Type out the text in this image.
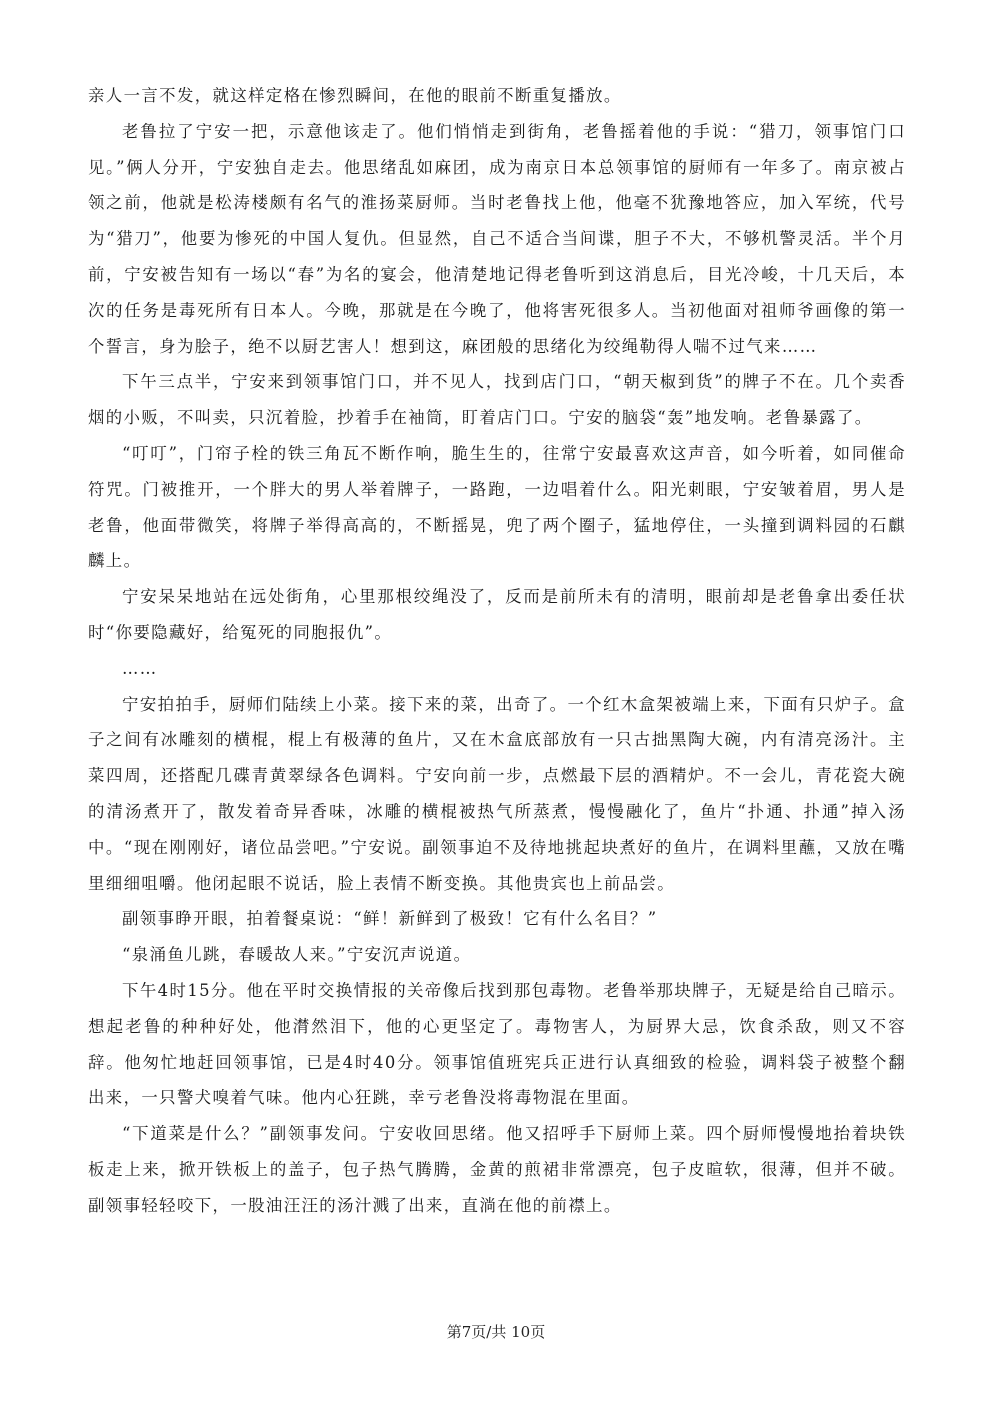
亲人一言不发，就这样定格在惨烈瞬间，在他的眼前不断重复播放。

老鲁拉了宁安一把，示意他该走了。他们悄悄走到街角，老鲁摇着他的手说：“猎刀，领事馆门口见。”俩人分开，宁安独自走去。他思绪乱如麻团，成为南京日本总领事馆的厨师有一年多了。南京被占领之前，他就是松涛楼颇有名气的淮扬菜厨师。当时老鲁找上他，他毫不犹豫地答应，加入军统，代号为“猎刀”，他要为惨死的中国人复仇。但显然，自己不适合当间谍，胆子不大，不够机警灵活。半个月前，宁安被告知有一场以“春”为名的宴会，他清楚地记得老鲁听到这消息后，目光冷峻，十几天后，本次的任务是毒死所有日本人。今晚，那就是在今晚了，他将害死很多人。当初他面对祖师爷画像的第一个誓言，身为脍子，绝不以厨艺害人！想到这，麻团般的思绪化为绞绳勒得人喘不过气来……

下午三点半，宁安来到领事馆门口，并不见人，找到店门口，“朝天椒到货”的牌子不在。几个卖香烟的小贩，不叫卖，只沉着脸，抄着手在袖筒，盯着店门口。宁安的脑袋“轰”地发响。老鲁暴露了。

“叮叮”，门帘子栓的铁三角瓦不断作响，脆生生的，往常宁安最喜欢这声音，如今听着，如同催命符咒。门被推开，一个胖大的男人举着牌子，一路跑，一边唱着什么。阳光刺眼，宁安皱着眉，男人是老鲁，他面带微笑，将牌子举得高高的，不断摇晃，兜了两个圈子，猛地停住，一头撞到调料园的石麒麟上。

宁安呆呆地站在远处街角，心里那根绞绳没了，反而是前所未有的清明，眼前却是老鲁拿出委任状时“你要隐藏好，给冤死的同胞报仇”。

……

宁安拍拍手，厨师们陆续上小菜。接下来的菜，出奇了。一个红木盒架被端上来，下面有只炉子。盒子之间有冰雕刻的横棍，棍上有极薄的鱼片，又在木盒底部放有一只古拙黑陶大碗，内有清亮汤汁。主菜四周，还搭配几碟青黄翠绿各色调料。宁安向前一步，点燃最下层的酒精炉。不一会儿，青花瓷大碗的清汤煮开了，散发着奇异香味，冰雕的横棍被热气所蒸煮，慢慢融化了，鱼片“扑通、扑通”掉入汤中。“现在刚刚好，诸位品尝吧。”宁安说。副领事迫不及待地挑起块煮好的鱼片，在调料里蘸，又放在嘴里细细咀嚼。他闭起眼不说话，脸上表情不断变换。其他贵宾也上前品尝。

副领事睁开眼，拍着餐桌说：“鲜！新鲜到了极致！它有什么名目？”

“泉涌鱼儿跳，春暖故人来。”宁安沉声说道。

下午4时15分。他在平时交换情报的关帝像后找到那包毒物。老鲁举那块牌子，无疑是给自己暗示。想起老鲁的种种好处，他潸然泪下，他的心更坚定了。毒物害人，为厨界大忌，饮食杀敌，则又不容辞。他匆忙地赶回领事馆，已是4时40分。领事馆值班宪兵正进行认真细致的检验，调料袋子被整个翻出来，一只警犬嗅着气味。他内心狂跳，幸亏老鲁没将毒物混在里面。

“下道菜是什么？”副领事发问。宁安收回思绪。他又招呼手下厨师上菜。四个厨师慢慢地抬着块铁板走上来，掀开铁板上的盖子，包子热气腾腾，金黄的煎裙非常漂亮，包子皮暄软，很薄，但并不破。副领事轻轻咬下，一股油汪汪的汤汁溅了出来，直淌在他的前襟上。

第7页/共 10页
